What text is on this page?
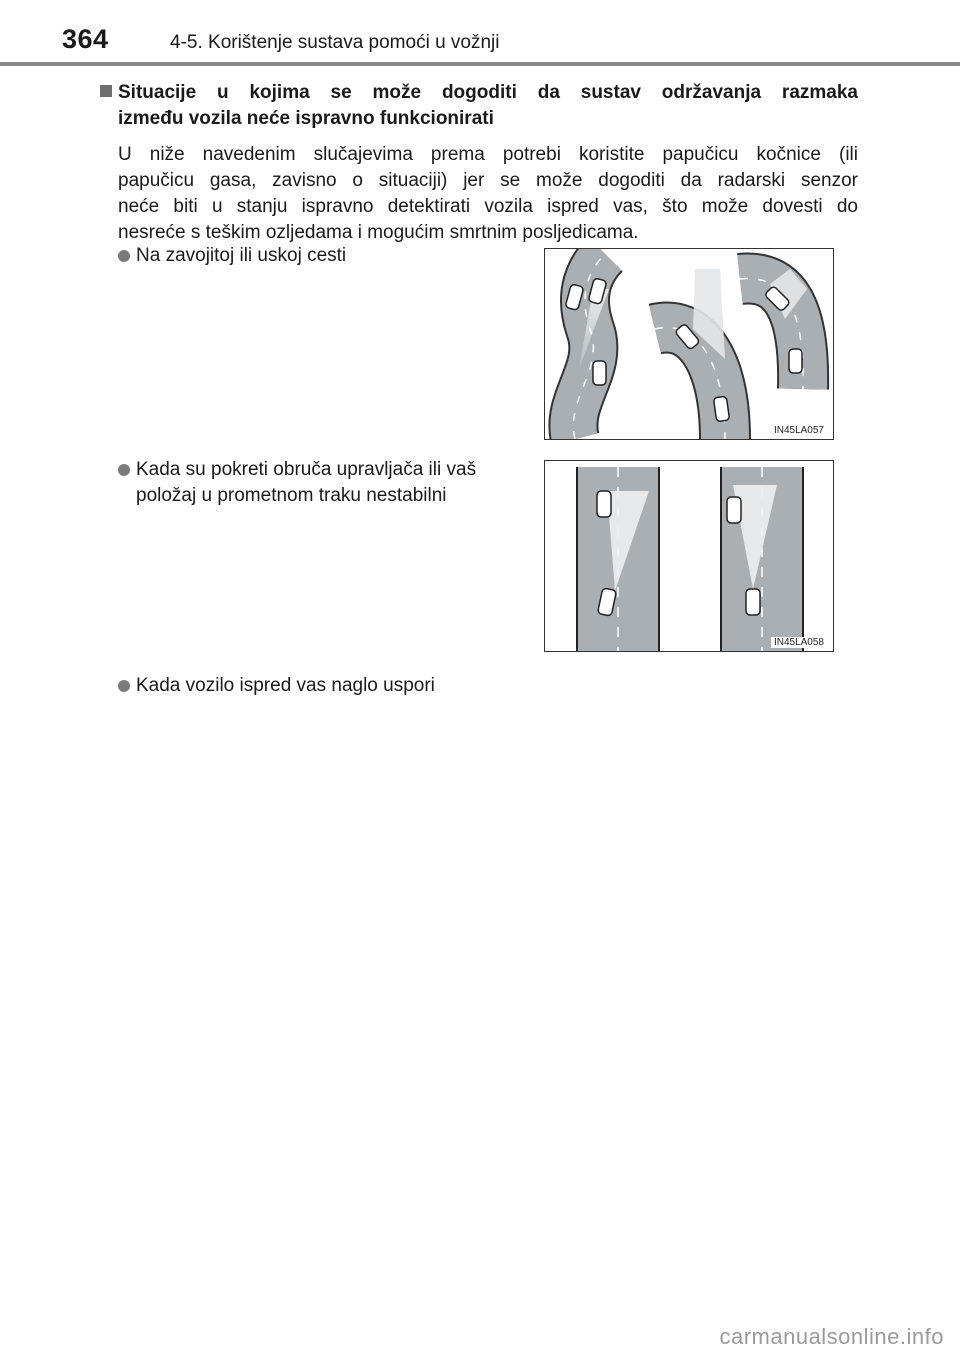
364	4-5. Korištenje sustava pomoći u vožnji
Situacije u kojima se može dogoditi da sustav održavanja razmaka
između vozila neće ispravno funkcionirati
U niže navedenim slučajevima prema potrebi koristite papučicu kočnice (ili
papučicu gasa, zavisno o situaciji) jer se može dogoditi da radarski senzor
neće biti u stanju ispravno detektirati vozila ispred vas, što može dovesti do
nesreće s teškim ozljedama i mogućim smrtnim posljedicama.
Na zavojitoj ili uskoj cesti
Kada su pokreti obruča upravljača ili vaš
položaj u prometnom traku nestabilni
Kada vozilo ispred vas naglo uspori
IN45LA057
IN45LA058
carmanualsonline.info
